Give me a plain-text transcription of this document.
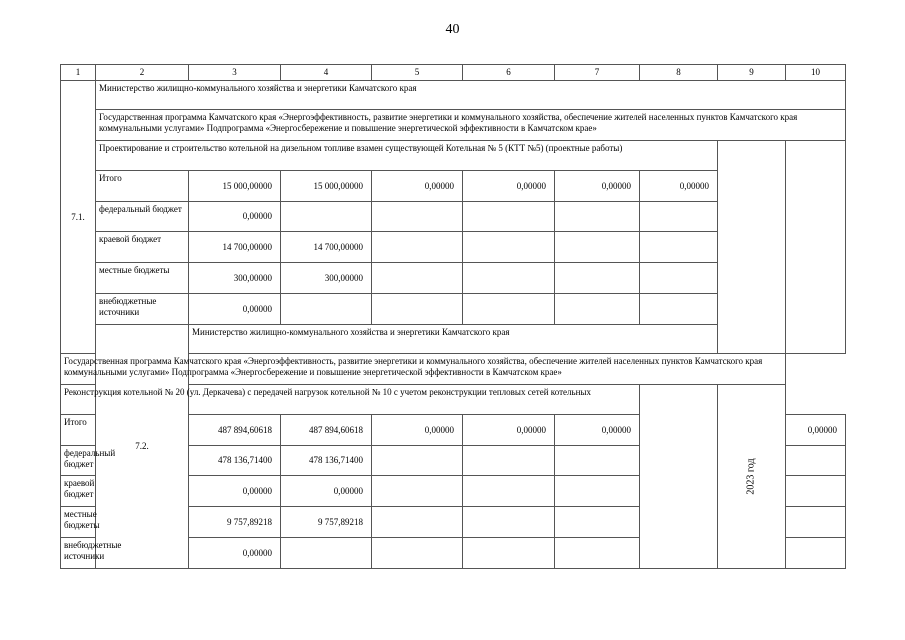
40
1	2	3	4	5	6	7	8	9	10
7.1.	Министерство жилищно-коммунального хозяйства и энергетики Камчатского края								
	Государственная программа Камчатского края «Энергоэффективность, развитие энергетики и коммунального хозяйства, обеспечение жителей населенных пунктов Камчатского края коммунальными услугами» Подпрограмма «Энергосбережение и повышение энергетической эффективности в Камчатском крае»								
	Проектирование и строительство котельной на дизельном топливе взамен существующей Котельная № 5 (КТТ №5) (проектные работы)								
	Итого	15 000,00000	15 000,00000	0,00000	0,00000	0,00000	0,00000		
	федеральный бюджет	0,00000							
	краевой бюджет	14 700,00000	14 700,00000						
	местные бюджеты	300,00000	300,00000						
	внебюджетные источники	0,00000							
	7.2.	Министерство жилищно-коммунального хозяйства и энергетики Камчатского края							
Государственная программа Камчатского края «Энергоэффективность, развитие энергетики и коммунального хозяйства, обеспечение жителей населенных пунктов Камчатского края коммунальными услугами» Подпрограмма «Энергосбережение и повышение энергетической эффективности в Камчатском крае»									
Реконструкция котельной № 20 (ул. Деркачева) с передачей нагрузок котельной № 10 с учетом реконструкции тепловых сетей котельных								2023 год	
Итого		487 894,60618	487 894,60618	0,00000	0,00000	0,00000			0,00000
федеральный бюджет		478 136,71400	478 136,71400						
краевой бюджет		0,00000	0,00000						
местные бюджеты		9 757,89218	9 757,89218						
внебюджетные источники		0,00000							
